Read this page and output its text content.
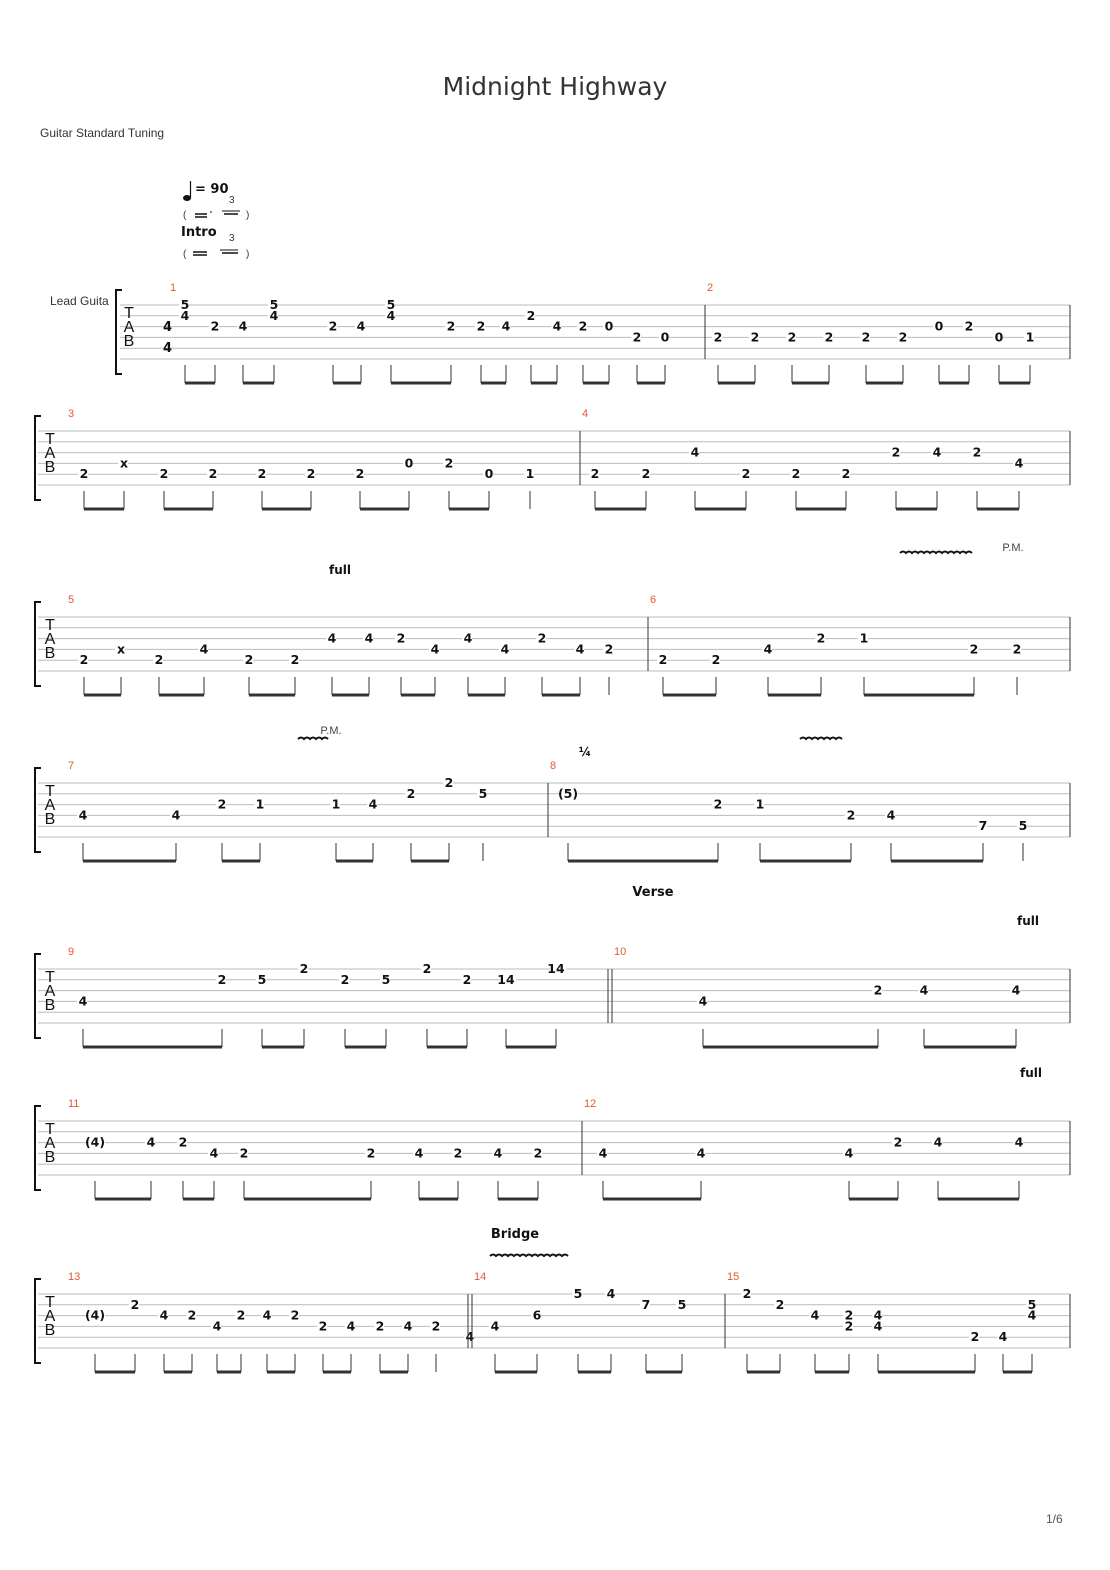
Midnight Highway
Guitar Standard Tuning
= 90
3
(	)
Intro 3
(	)
Lead Guita
T
A
B
4
4
1
5
4
2 4
5
4
2 4
5
4
2 2 4
2
4 2 0
2 0
2
2 2 2 2 2 2
0 2
0 1
T
A
B
3
2
x
2	2	2	2	2
0	2
0	1
4
2	2
4
2	2	2
2	4	2
4
T
A
B
5
2
x
2
4
2	2
4 4 2
4
4
4
2
4 2
6
2	2
4
2	1
2	2
T
A
B
7
4	4
2 1	1 4
2
2
5
8
(5)
2	1
2	4
7	5
T
A
B
9
4
2	5
2
2	5
2
2 14
14
10
4
2	4	4
Verse
T
A
B
11
(4)	4 2
4 2	2	4 2	4	2
12
4	4	4
2	4	4
T
A
B
13
(4)
2
4 2
4
2 4 2
2 4 2 4 2
4
14
4
6
5 4
7 5
15
2
2
4 2
2
4
4
2 4
5
4
Bridge
P.M.
P.M.
full
full
full
¼
1/6
